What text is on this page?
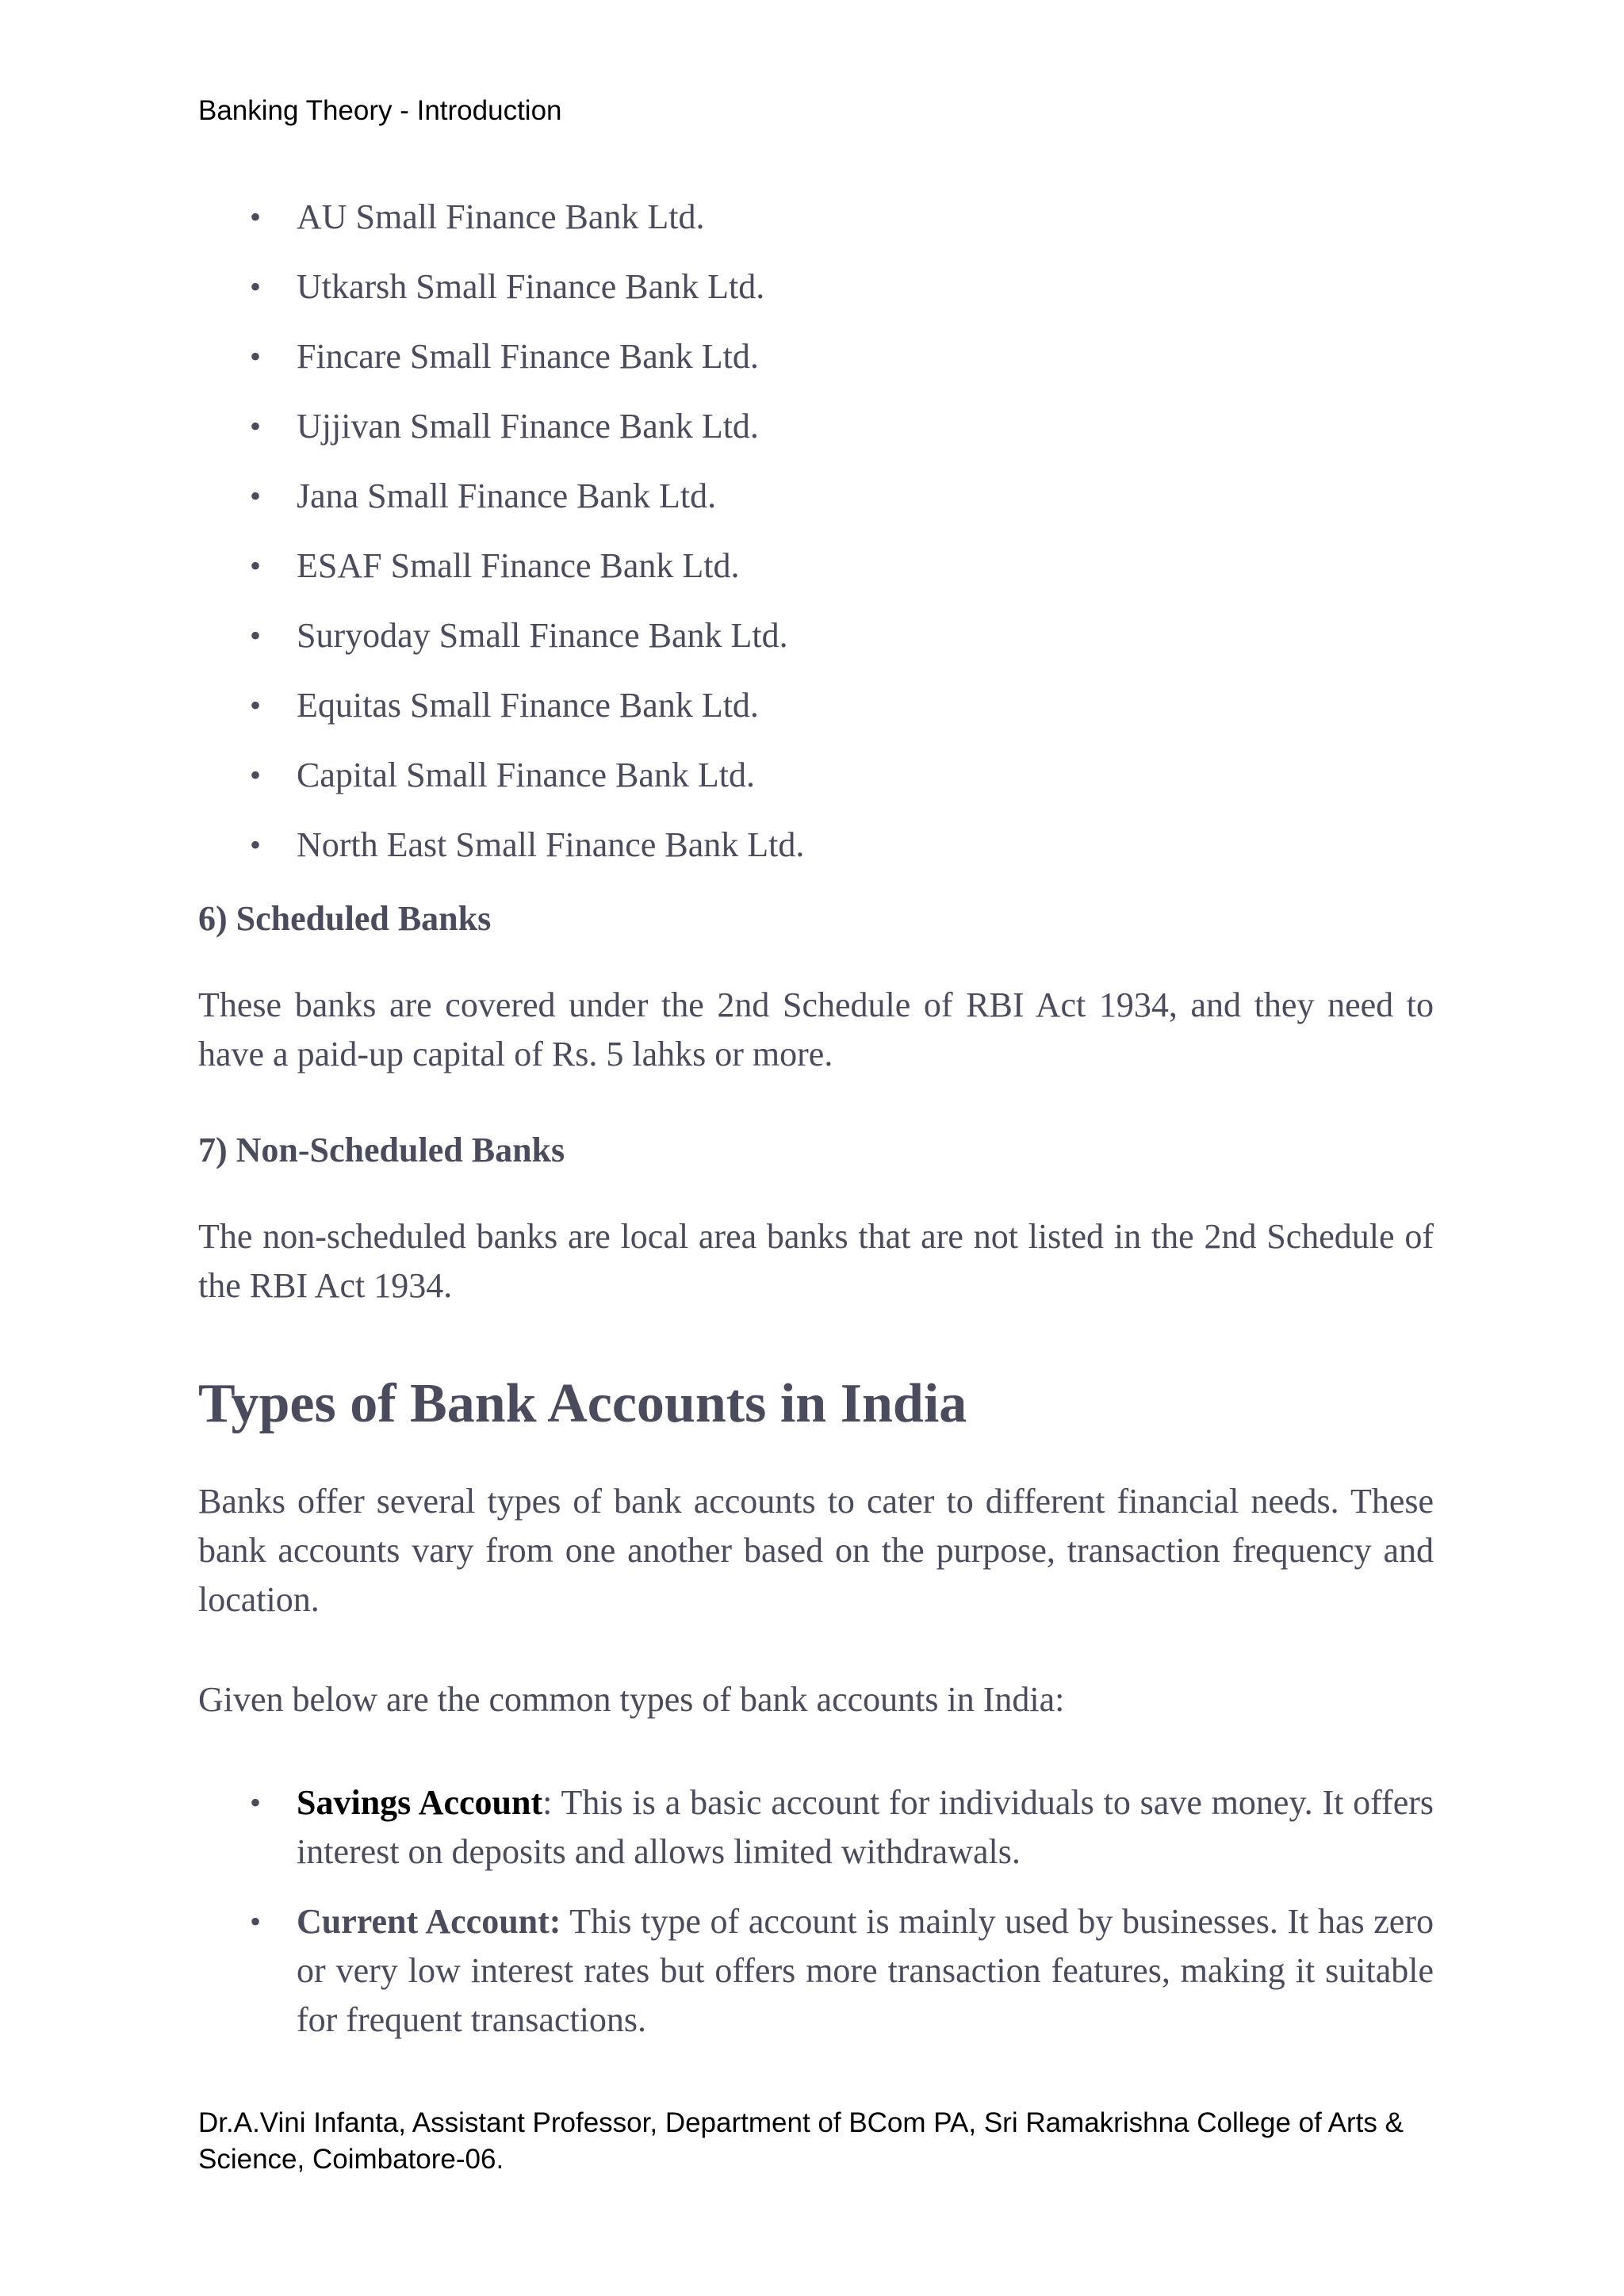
Banking Theory - Introduction
• AU Small Finance Bank Ltd.
• Utkarsh Small Finance Bank Ltd.
• Fincare Small Finance Bank Ltd.
• Ujjivan Small Finance Bank Ltd.
• Jana Small Finance Bank Ltd.
• ESAF Small Finance Bank Ltd.
• Suryoday Small Finance Bank Ltd.
• Equitas Small Finance Bank Ltd.
• Capital Small Finance Bank Ltd.
• North East Small Finance Bank Ltd.
6) Scheduled Banks

These banks are covered under the 2nd Schedule of RBI Act 1934, and they need to have a paid-up capital of Rs. 5 lahks or more.

7) Non-Scheduled Banks

The non-scheduled banks are local area banks that are not listed in the 2nd Schedule of the RBI Act 1934.

Types of Bank Accounts in India

Banks offer several types of bank accounts to cater to different financial needs. These bank accounts vary from one another based on the purpose, transaction frequency and location.

Given below are the common types of bank accounts in India:

• Savings Account: This is a basic account for individuals to save money. It offers interest on deposits and allows limited withdrawals.
• Current Account: This type of account is mainly used by businesses. It has zero or very low interest rates but offers more transaction features, making it suitable for frequent transactions.
Dr.A.Vini Infanta, Assistant Professor, Department of BCom PA, Sri Ramakrishna College of Arts &
Science, Coimbatore-06.
